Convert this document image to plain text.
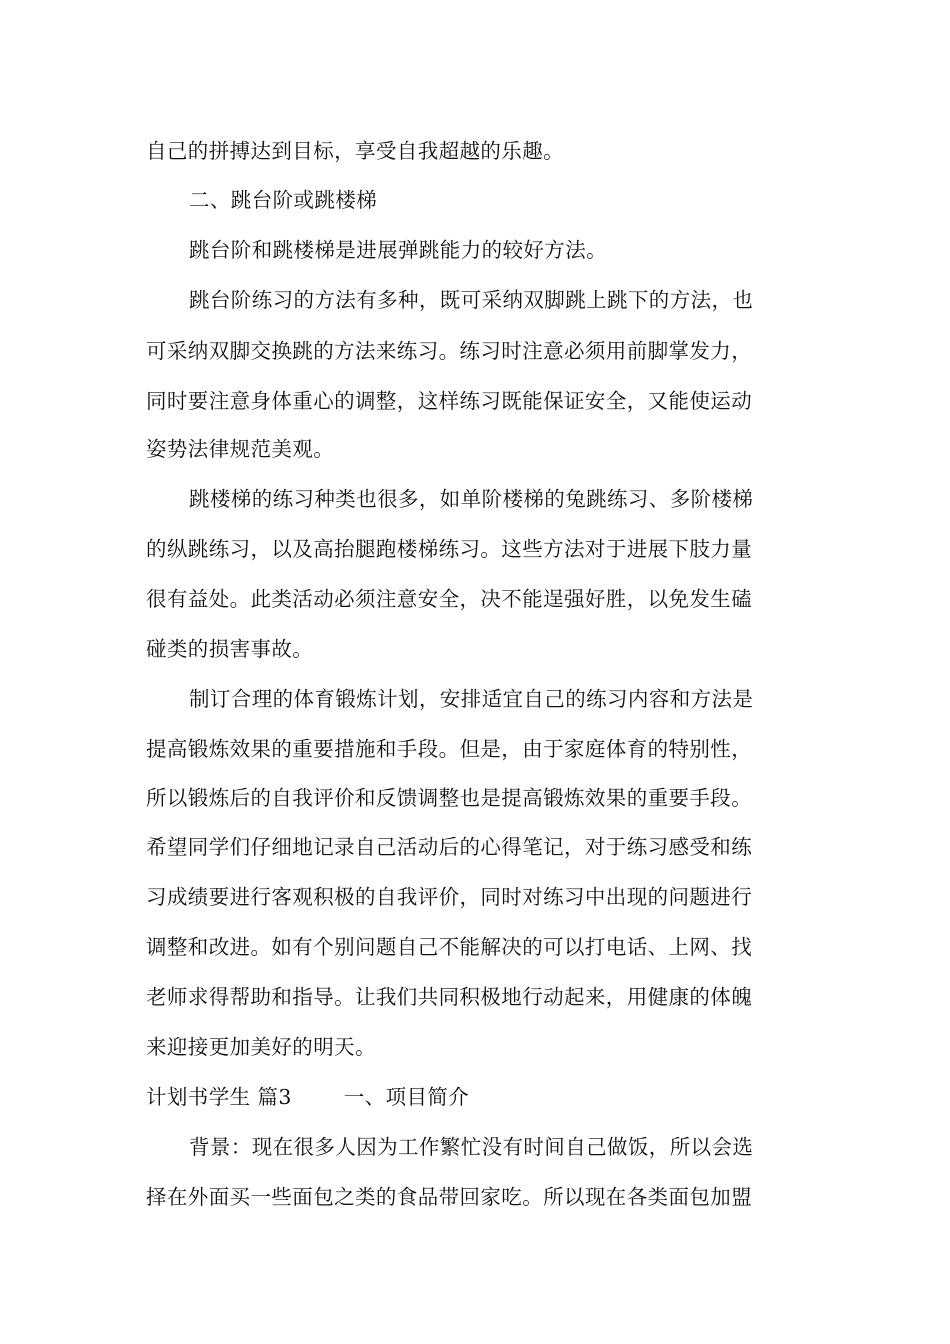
自己的拼搏达到目标，享受自我超越的乐趣。
二、跳台阶或跳楼梯
跳台阶和跳楼梯是进展弹跳能力的较好方法。
跳台阶练习的方法有多种，既可采纳双脚跳上跳下的方法，也
可采纳双脚交换跳的方法来练习。练习时注意必须用前脚掌发力，
同时要注意身体重心的调整，这样练习既能保证安全，又能使运动
姿势法律规范美观。
跳楼梯的练习种类也很多，如单阶楼梯的兔跳练习、多阶楼梯
的纵跳练习，以及高抬腿跑楼梯练习。这些方法对于进展下肢力量
很有益处。此类活动必须注意安全，决不能逞强好胜，以免发生磕
碰类的损害事故。
制订合理的体育锻炼计划，安排适宜自己的练习内容和方法是
提高锻炼效果的重要措施和手段。但是，由于家庭体育的特别性，
所以锻炼后的自我评价和反馈调整也是提高锻炼效果的重要手段。
希望同学们仔细地记录自己活动后的心得笔记，对于练习感受和练
习成绩要进行客观积极的自我评价，同时对练习中出现的问题进行
调整和改进。如有个别问题自己不能解决的可以打电话、上网、找
老师求得帮助和指导。让我们共同积极地行动起来，用健康的体魄
来迎接更加美好的明天。
计划书学生 篇3	一、项目简介
背景：现在很多人因为工作繁忙没有时间自己做饭，所以会选
择在外面买一些面包之类的食品带回家吃。所以现在各类面包加盟
